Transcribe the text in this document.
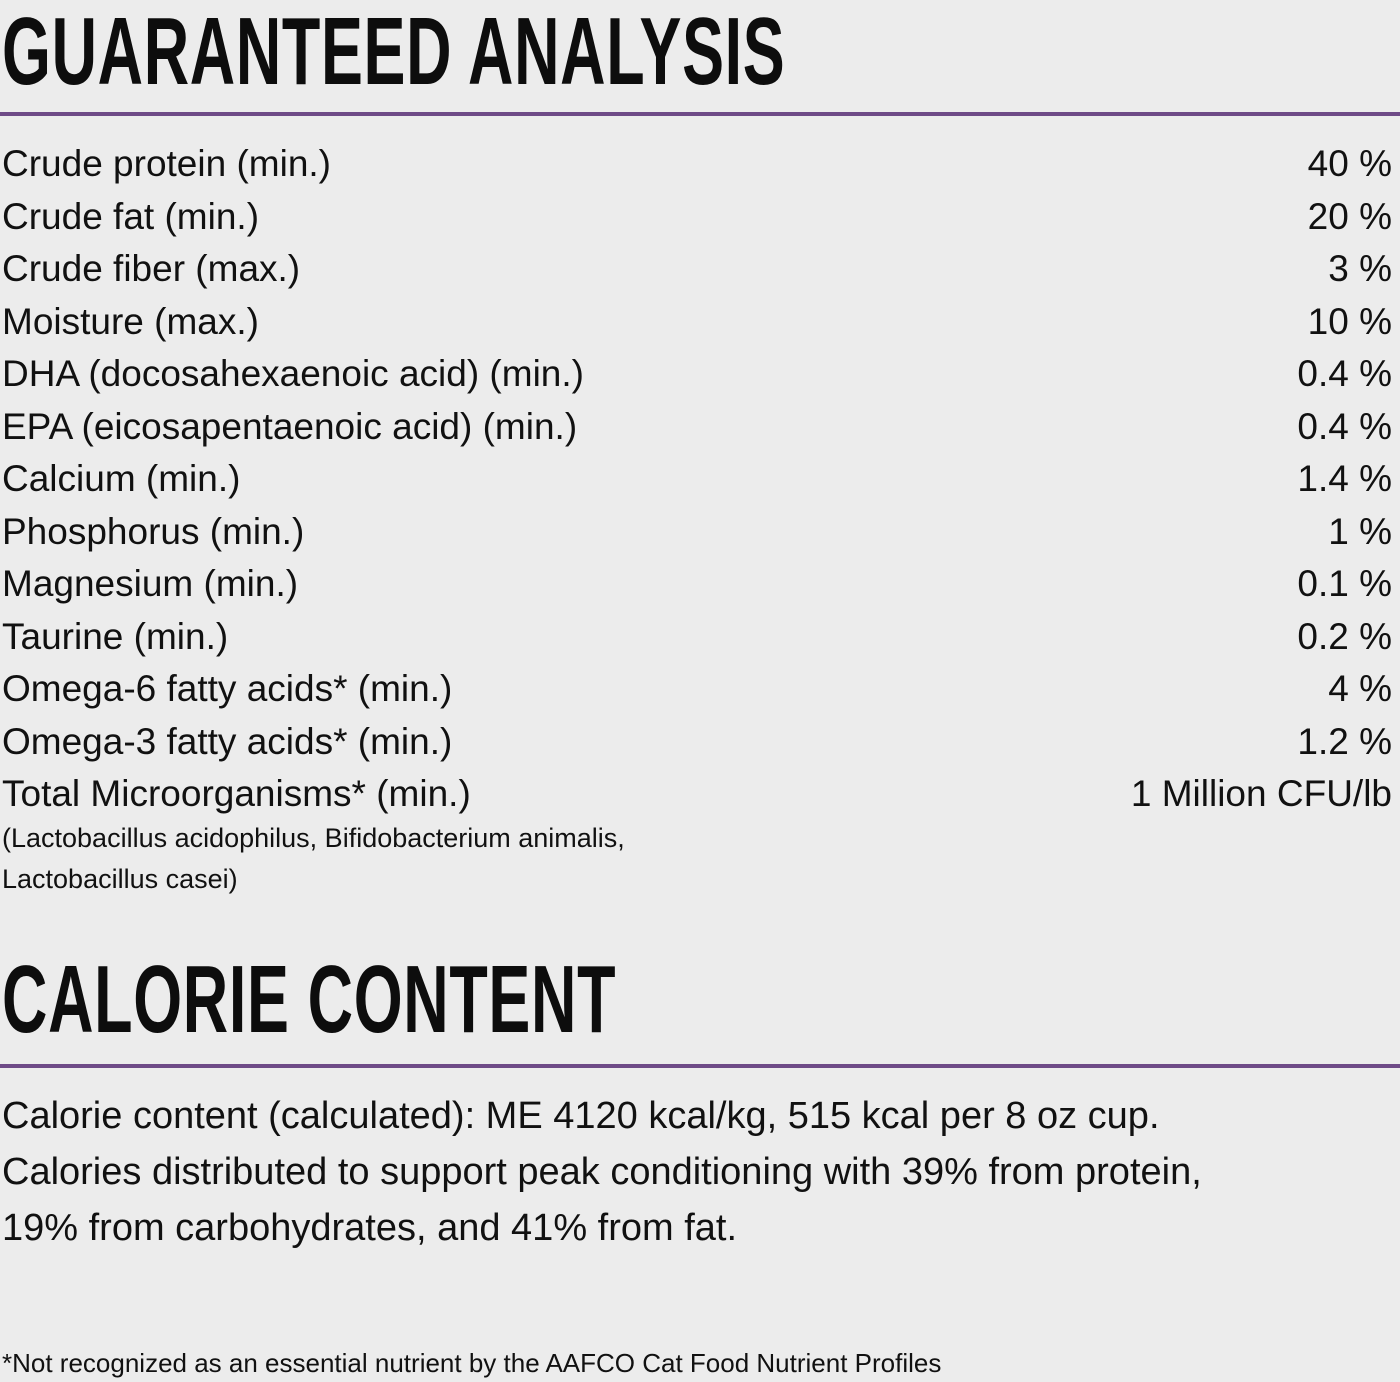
GUARANTEED ANALYSIS
Crude protein (min.)	40 %
Crude fat (min.)	20 %
Crude fiber (max.)	3 %
Moisture (max.)	10 %
DHA (docosahexaenoic acid) (min.)	0.4 %
EPA (eicosapentaenoic acid) (min.)	0.4 %
Calcium (min.)	1.4 %
Phosphorus (min.)	1 %
Magnesium (min.)	0.1 %
Taurine (min.)	0.2 %
Omega-6 fatty acids* (min.)	4 %
Omega-3 fatty acids* (min.)	1.2 %
Total Microorganisms* (min.)	1 Million CFU/lb
(Lactobacillus acidophilus, Bifidobacterium animalis,
Lactobacillus casei)
CALORIE CONTENT
Calorie content (calculated): ME 4120 kcal/kg, 515 kcal per 8 oz cup.
Calories distributed to support peak conditioning with 39% from protein,
19% from carbohydrates, and 41% from fat.
*Not recognized as an essential nutrient by the AAFCO Cat Food Nutrient Profiles
